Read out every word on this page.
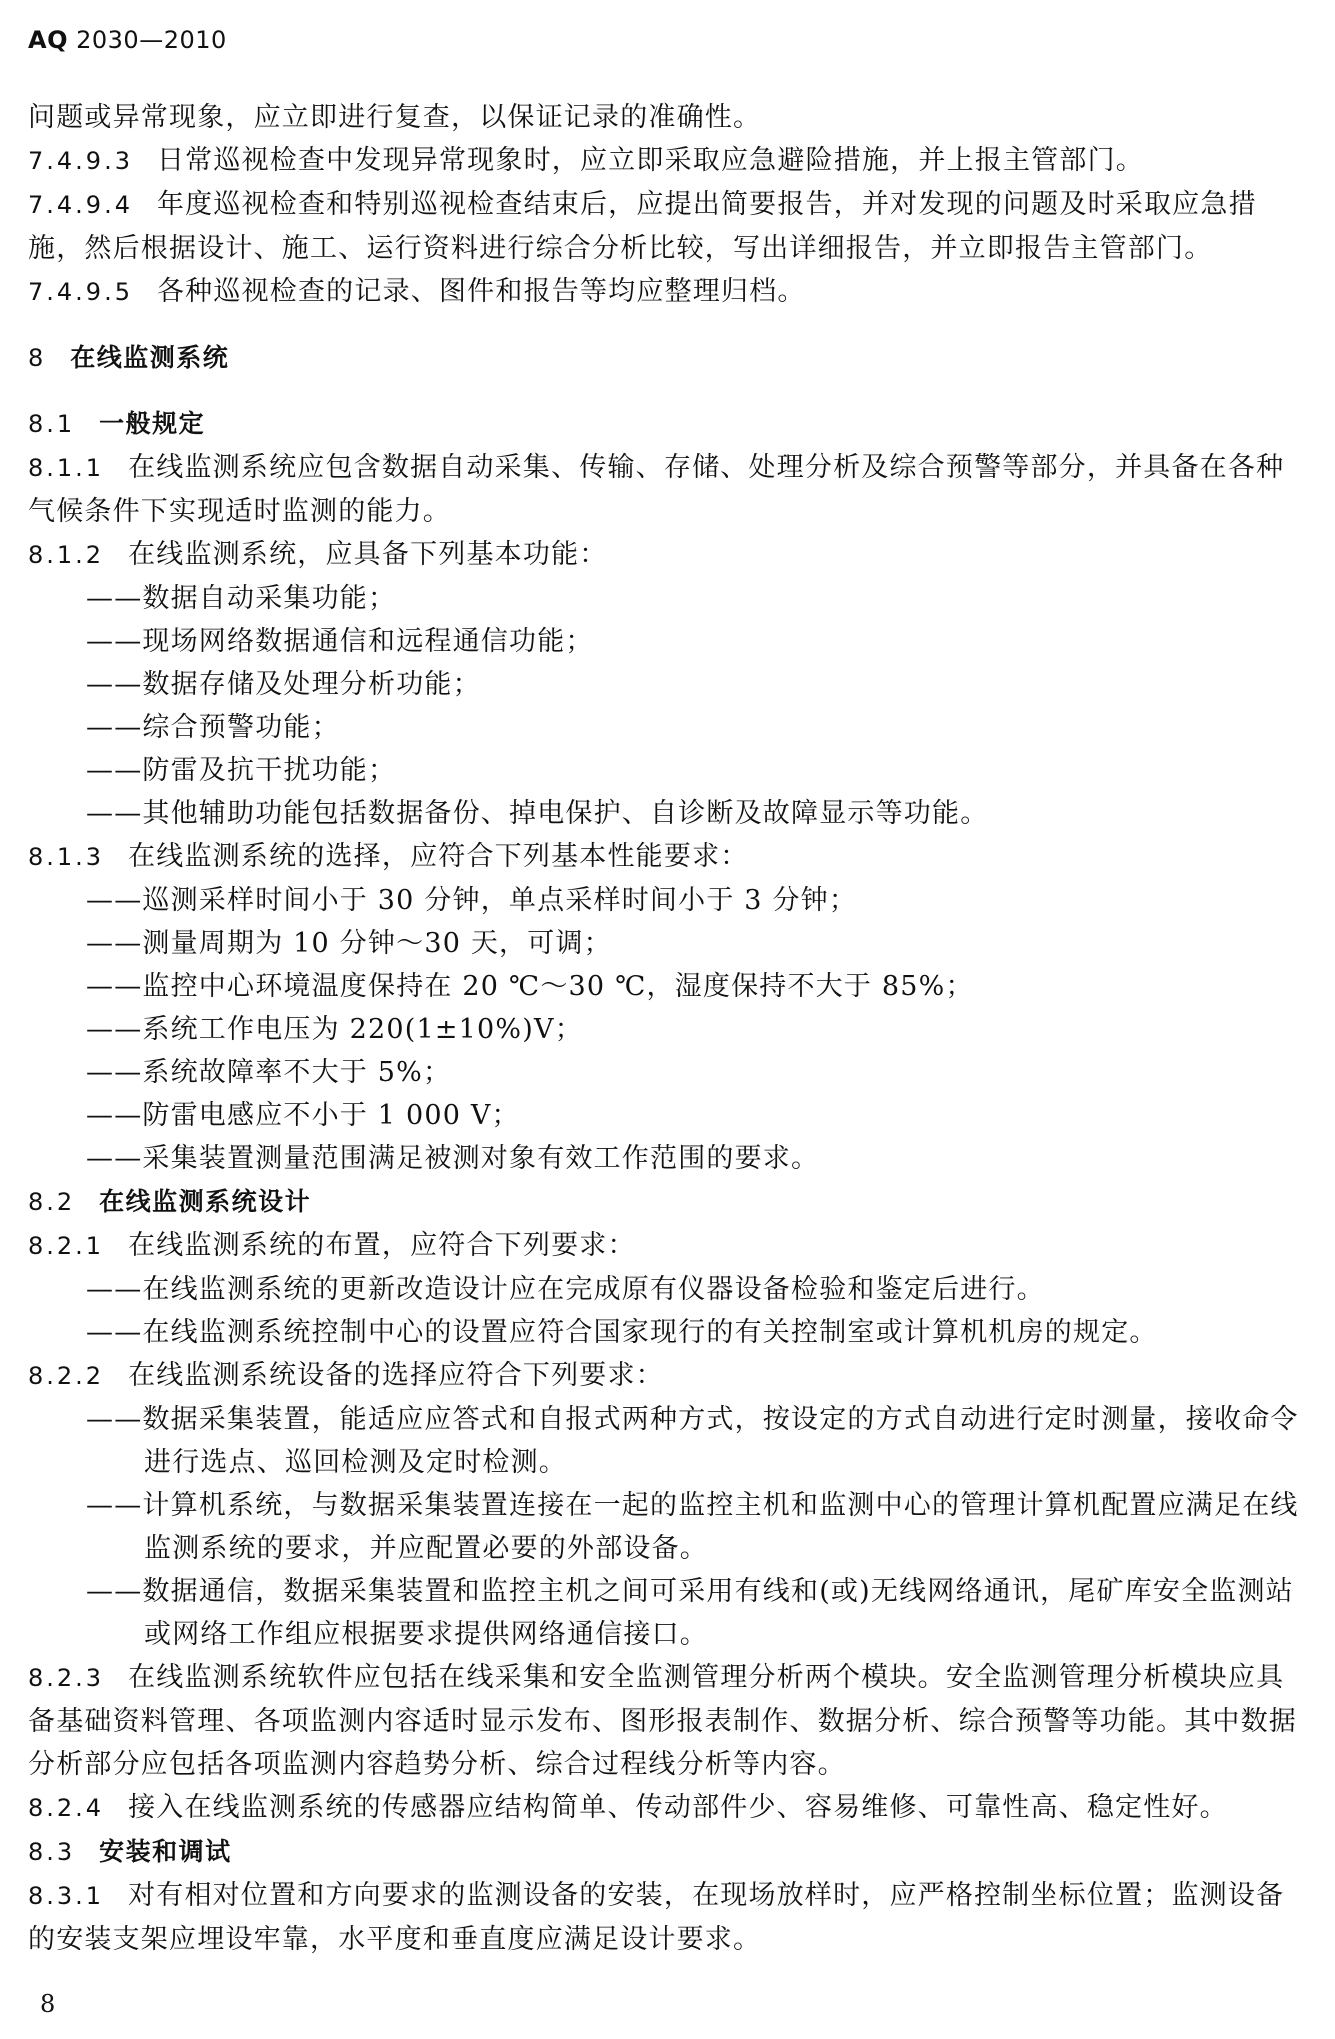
AQ 2030—2010

问题或异常现象，应立即进行复查，以保证记录的准确性。

7.4.9.3 日常巡视检查中发现异常现象时，应立即采取应急避险措施，并上报主管部门。

7.4.9.4 年度巡视检查和特别巡视检查结束后，应提出简要报告，并对发现的问题及时采取应急措施，然后根据设计、施工、运行资料进行综合分析比较，写出详细报告，并立即报告主管部门。

7.4.9.5 各种巡视检查的记录、图件和报告等均应整理归档。

8 在线监测系统

8.1 一般规定

8.1.1 在线监测系统应包含数据自动采集、传输、存储、处理分析及综合预警等部分，并具备在各种气候条件下实现适时监测的能力。

8.1.2 在线监测系统，应具备下列基本功能：

——数据自动采集功能；

——现场网络数据通信和远程通信功能；

——数据存储及处理分析功能；

——综合预警功能；

——防雷及抗干扰功能；

——其他辅助功能包括数据备份、掉电保护、自诊断及故障显示等功能。

8.1.3 在线监测系统的选择，应符合下列基本性能要求：

——巡测采样时间小于 30 分钟，单点采样时间小于 3 分钟；

——测量周期为 10 分钟～30 天，可调；

——监控中心环境温度保持在 20 ℃～30 ℃，湿度保持不大于 85%；

——系统工作电压为 220(1±10%)V；

——系统故障率不大于 5%；

——防雷电感应不小于 1 000 V；

——采集装置测量范围满足被测对象有效工作范围的要求。

8.2 在线监测系统设计

8.2.1 在线监测系统的布置，应符合下列要求：

——在线监测系统的更新改造设计应在完成原有仪器设备检验和鉴定后进行。

——在线监测系统控制中心的设置应符合国家现行的有关控制室或计算机机房的规定。

8.2.2 在线监测系统设备的选择应符合下列要求：

——数据采集装置，能适应应答式和自报式两种方式，按设定的方式自动进行定时测量，接收命令进行选点、巡回检测及定时检测。

——计算机系统，与数据采集装置连接在一起的监控主机和监测中心的管理计算机配置应满足在线监测系统的要求，并应配置必要的外部设备。

——数据通信，数据采集装置和监控主机之间可采用有线和(或)无线网络通讯，尾矿库安全监测站或网络工作组应根据要求提供网络通信接口。

8.2.3 在线监测系统软件应包括在线采集和安全监测管理分析两个模块。安全监测管理分析模块应具备基础资料管理、各项监测内容适时显示发布、图形报表制作、数据分析、综合预警等功能。其中数据分析部分应包括各项监测内容趋势分析、综合过程线分析等内容。

8.2.4 接入在线监测系统的传感器应结构简单、传动部件少、容易维修、可靠性高、稳定性好。

8.3 安装和调试

8.3.1 对有相对位置和方向要求的监测设备的安装，在现场放样时，应严格控制坐标位置；监测设备的安装支架应埋设牢靠，水平度和垂直度应满足设计要求。

8
